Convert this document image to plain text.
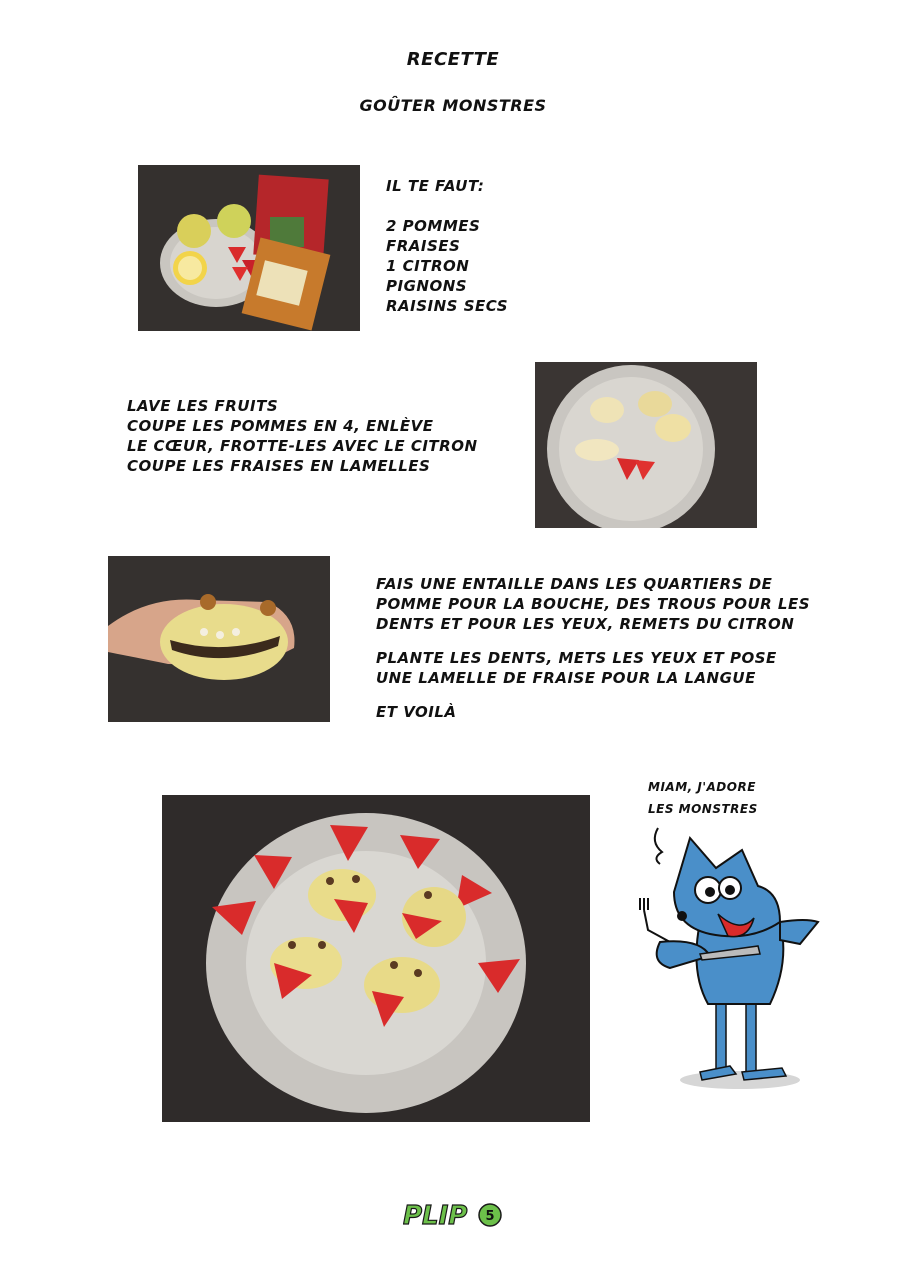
RECETTE
GOÛTER MONSTRES
IL TE FAUT:
2 POMMES
FRAISES
1 CITRON
PIGNONS
RAISINS SECS
LAVE LES FRUITS
COUPE LES POMMES EN 4, ENLÈVE
LE CŒUR, FROTTE-LES AVEC LE CITRON
COUPE LES FRAISES EN LAMELLES
FAIS UNE ENTAILLE DANS LES QUARTIERS DE
POMME POUR LA BOUCHE, DES TROUS POUR LES
DENTS ET POUR LES YEUX, REMETS DU CITRON
PLANTE LES DENTS, METS LES YEUX ET POSE
UNE LAMELLE DE FRAISE POUR LA LANGUE
ET VOILÀ
MIAM, J'ADORE
LES MONSTRES
PLIP 5
